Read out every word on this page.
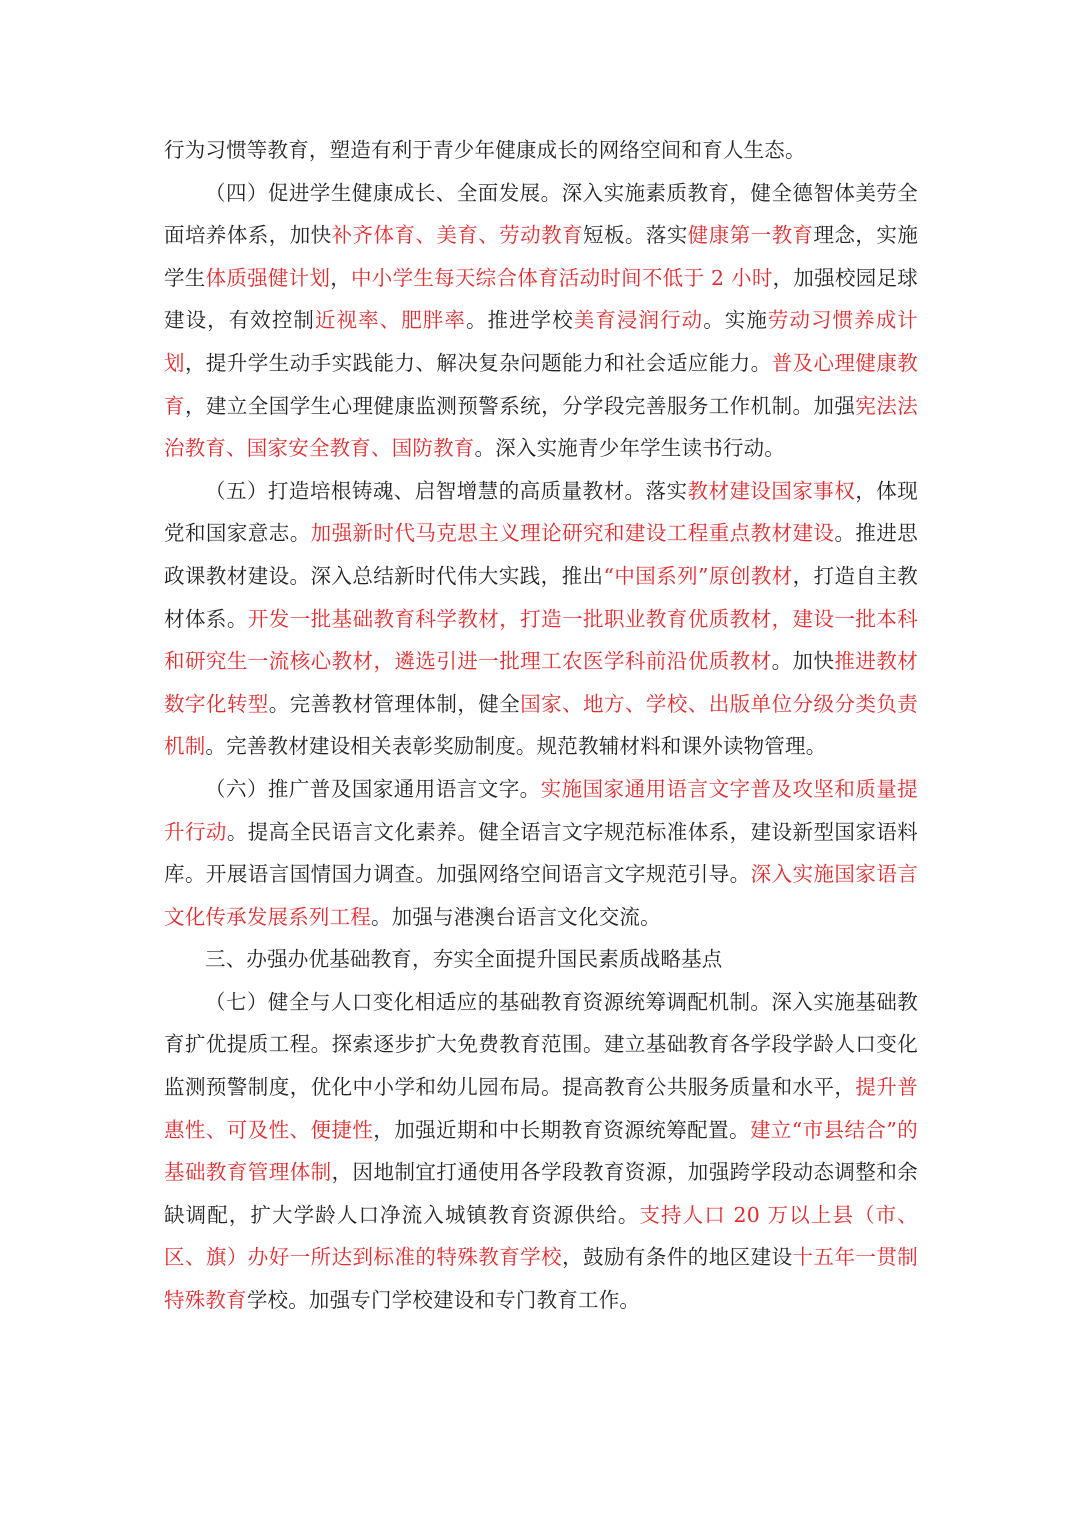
行为习惯等教育，塑造有利于青少年健康成长的网络空间和育人生态。

（四）促进学生健康成长、全面发展。深入实施素质教育，健全德智体美劳全面培养体系，加快补齐体育、美育、劳动教育短板。落实健康第一教育理念，实施学生体质强健计划，中小学生每天综合体育活动时间不低于 2 小时，加强校园足球建设，有效控制近视率、肥胖率。推进学校美育浸润行动。实施劳动习惯养成计划，提升学生动手实践能力、解决复杂问题能力和社会适应能力。普及心理健康教育，建立全国学生心理健康监测预警系统，分学段完善服务工作机制。加强宪法法治教育、国家安全教育、国防教育。深入实施青少年学生读书行动。

（五）打造培根铸魂、启智增慧的高质量教材。落实教材建设国家事权，体现党和国家意志。加强新时代马克思主义理论研究和建设工程重点教材建设。推进思政课教材建设。深入总结新时代伟大实践，推出“中国系列”原创教材，打造自主教材体系。开发一批基础教育科学教材，打造一批职业教育优质教材，建设一批本科和研究生一流核心教材，遴选引进一批理工农医学科前沿优质教材。加快推进教材数字化转型。完善教材管理体制，健全国家、地方、学校、出版单位分级分类负责机制。完善教材建设相关表彰奖励制度。规范教辅材料和课外读物管理。

（六）推广普及国家通用语言文字。实施国家通用语言文字普及攻坚和质量提升行动。提高全民语言文化素养。健全语言文字规范标准体系，建设新型国家语料库。开展语言国情国力调查。加强网络空间语言文字规范引导。深入实施国家语言文化传承发展系列工程。加强与港澳台语言文化交流。

三、办强办优基础教育，夯实全面提升国民素质战略基点

（七）健全与人口变化相适应的基础教育资源统筹调配机制。深入实施基础教育扩优提质工程。探索逐步扩大免费教育范围。建立基础教育各学段学龄人口变化监测预警制度，优化中小学和幼儿园布局。提高教育公共服务质量和水平，提升普惠性、可及性、便捷性，加强近期和中长期教育资源统筹配置。建立“市县结合”的基础教育管理体制，因地制宜打通使用各学段教育资源，加强跨学段动态调整和余缺调配，扩大学龄人口净流入城镇教育资源供给。支持人口 20 万以上县（市、区、旗）办好一所达到标准的特殊教育学校，鼓励有条件的地区建设十五年一贯制特殊教育学校。加强专门学校建设和专门教育工作。
